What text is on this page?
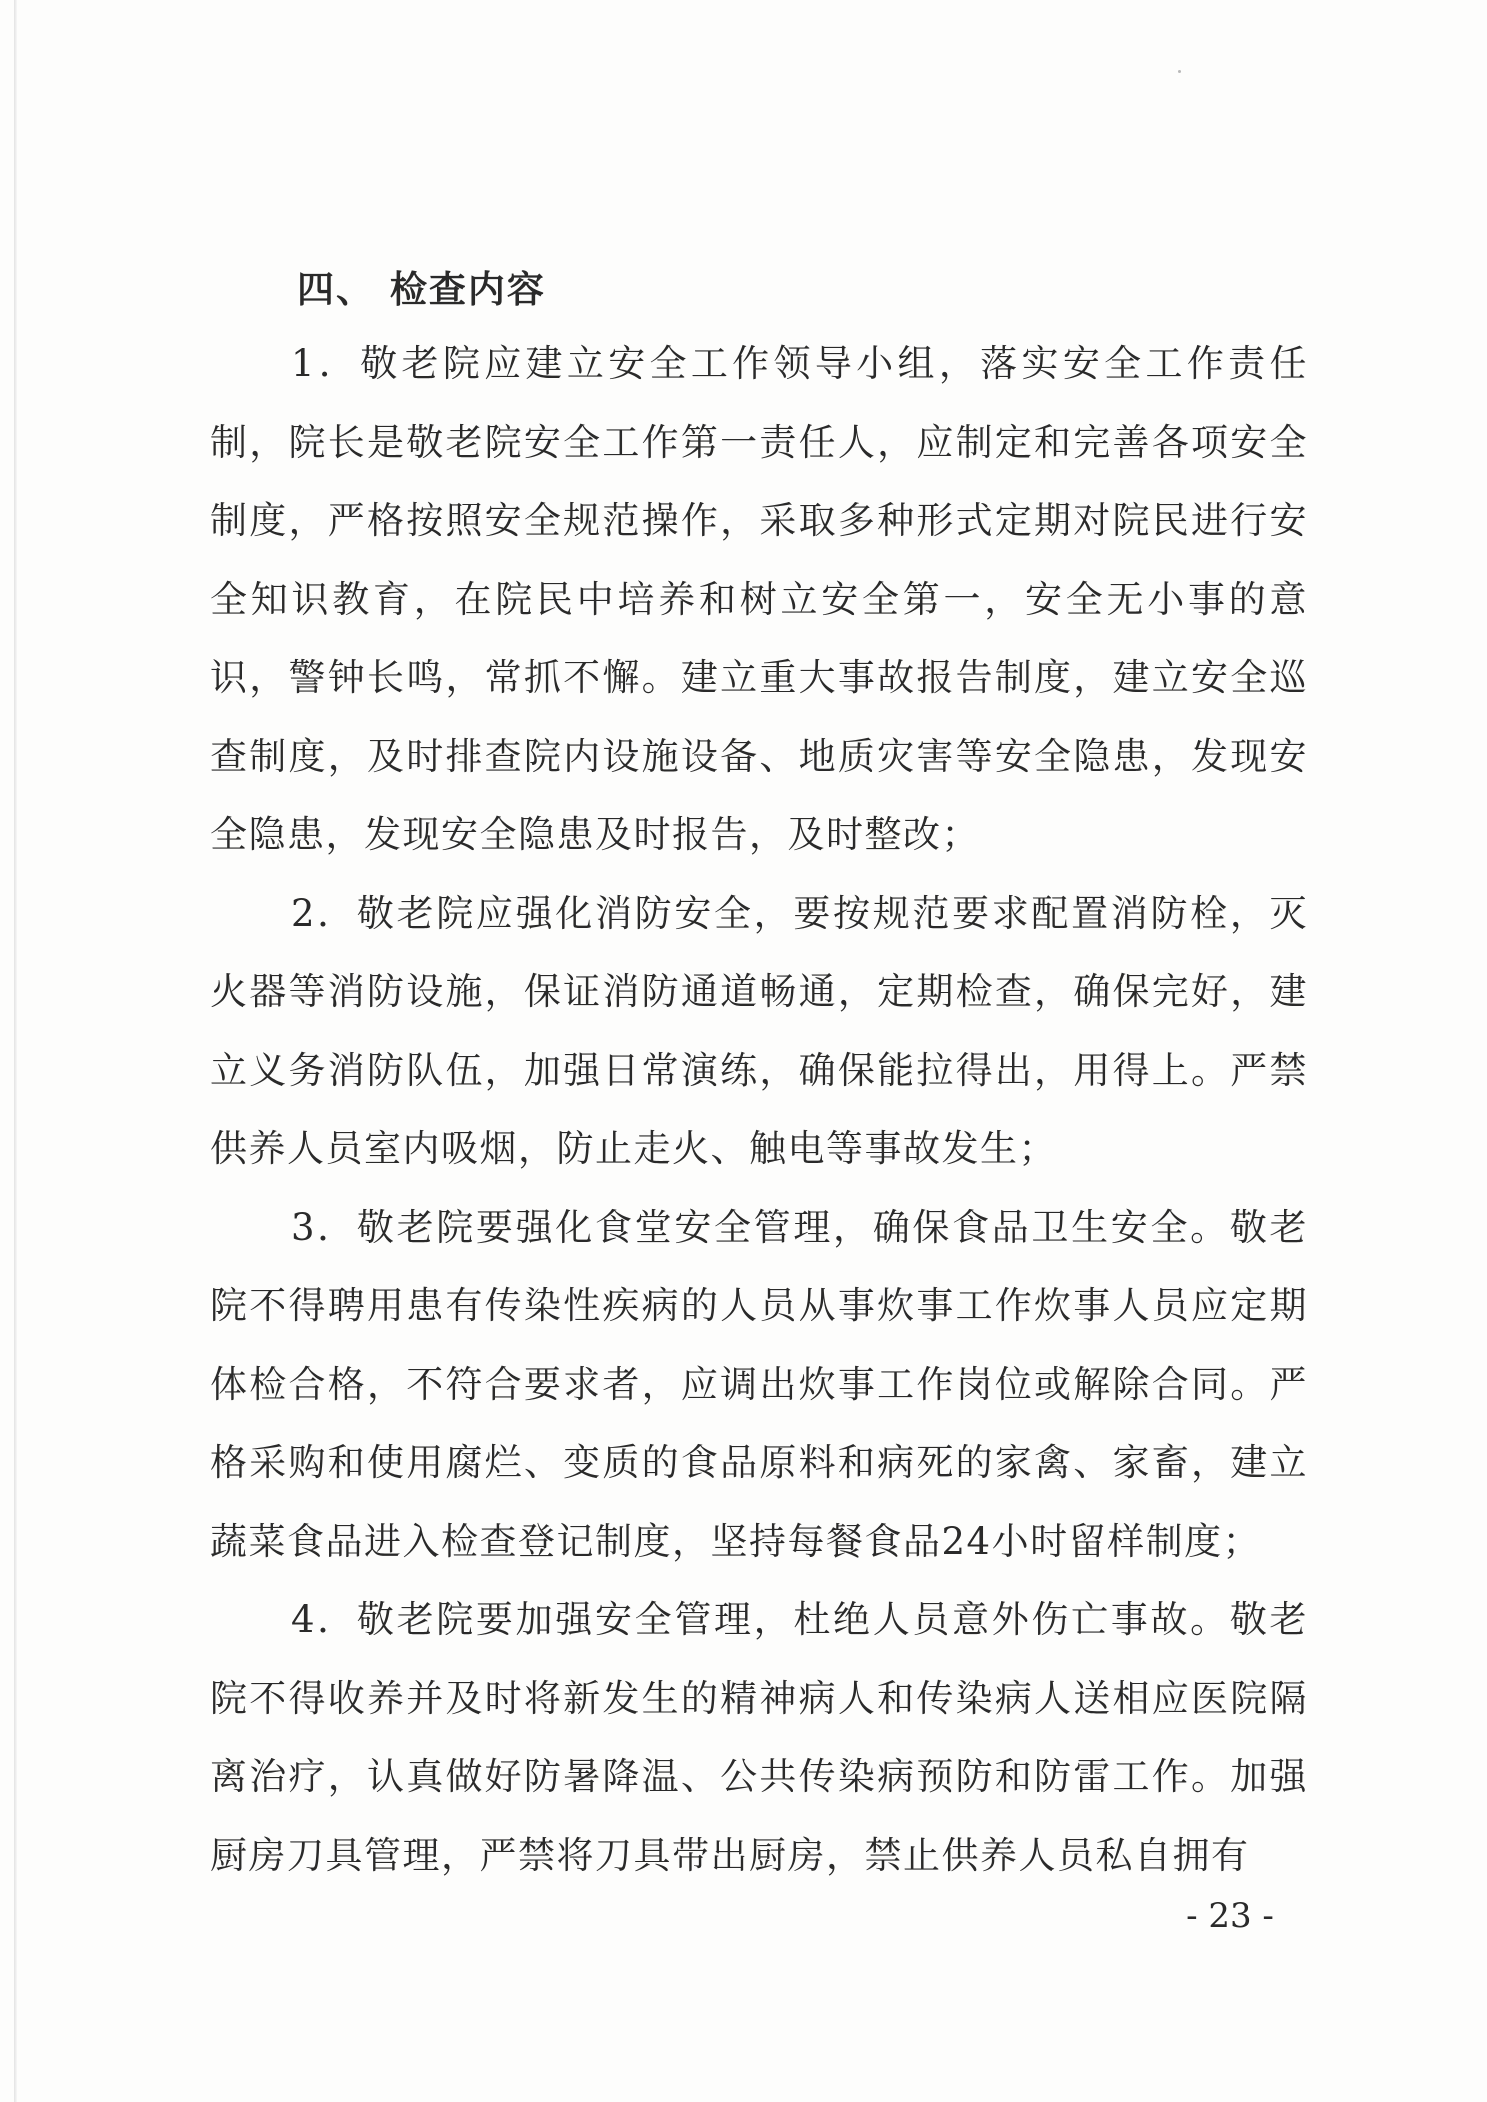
四、 检查内容

1．敬老院应建立安全工作领导小组，落实安全工作责任制，院长是敬老院安全工作第一责任人，应制定和完善各项安全制度，严格按照安全规范操作，采取多种形式定期对院民进行安全知识教育，在院民中培养和树立安全第一，安全无小事的意识，警钟长鸣，常抓不懈。建立重大事故报告制度，建立安全巡查制度，及时排查院内设施设备、地质灾害等安全隐患，发现安全隐患，发现安全隐患及时报告，及时整改；

2．敬老院应强化消防安全，要按规范要求配置消防栓，灭火器等消防设施，保证消防通道畅通，定期检查，确保完好，建立义务消防队伍，加强日常演练，确保能拉得出，用得上。严禁供养人员室内吸烟，防止走火、触电等事故发生；

3．敬老院要强化食堂安全管理，确保食品卫生安全。敬老院不得聘用患有传染性疾病的人员从事炊事工作炊事人员应定期体检合格，不符合要求者，应调出炊事工作岗位或解除合同。严格采购和使用腐烂、变质的食品原料和病死的家禽、家畜，建立蔬菜食品进入检查登记制度，坚持每餐食品24小时留样制度；

4．敬老院要加强安全管理，杜绝人员意外伤亡事故。敬老院不得收养并及时将新发生的精神病人和传染病人送相应医院隔离治疗，认真做好防暑降温、公共传染病预防和防雷工作。加强厨房刀具管理，严禁将刀具带出厨房，禁止供养人员私自拥有

- 23 -
